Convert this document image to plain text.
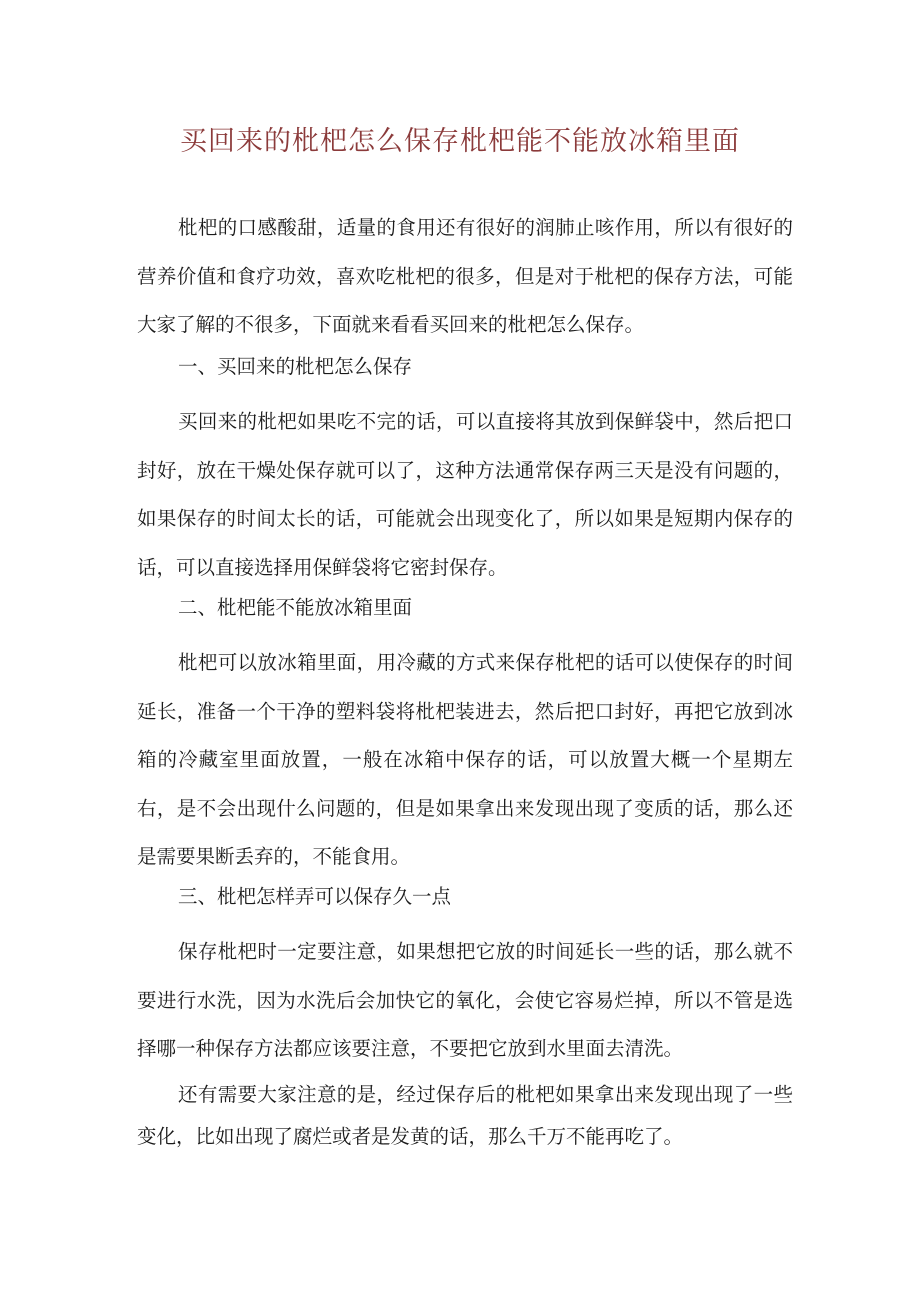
买回来的枇杷怎么保存枇杷能不能放冰箱里面

枇杷的口感酸甜，适量的食用还有很好的润肺止咳作用，所以有很好的营养价值和食疗功效，喜欢吃枇杷的很多，但是对于枇杷的保存方法，可能大家了解的不很多，下面就来看看买回来的枇杷怎么保存。

一、买回来的枇杷怎么保存

买回来的枇杷如果吃不完的话，可以直接将其放到保鲜袋中，然后把口封好，放在干燥处保存就可以了，这种方法通常保存两三天是没有问题的，如果保存的时间太长的话，可能就会出现变化了，所以如果是短期内保存的话，可以直接选择用保鲜袋将它密封保存。

二、枇杷能不能放冰箱里面

枇杷可以放冰箱里面，用冷藏的方式来保存枇杷的话可以使保存的时间延长，准备一个干净的塑料袋将枇杷装进去，然后把口封好，再把它放到冰箱的冷藏室里面放置，一般在冰箱中保存的话，可以放置大概一个星期左右，是不会出现什么问题的，但是如果拿出来发现出现了变质的话，那么还是需要果断丢弃的，不能食用。

三、枇杷怎样弄可以保存久一点

保存枇杷时一定要注意，如果想把它放的时间延长一些的话，那么就不要进行水洗，因为水洗后会加快它的氧化，会使它容易烂掉，所以不管是选择哪一种保存方法都应该要注意，不要把它放到水里面去清洗。

还有需要大家注意的是，经过保存后的枇杷如果拿出来发现出现了一些变化，比如出现了腐烂或者是发黄的话，那么千万不能再吃了。
